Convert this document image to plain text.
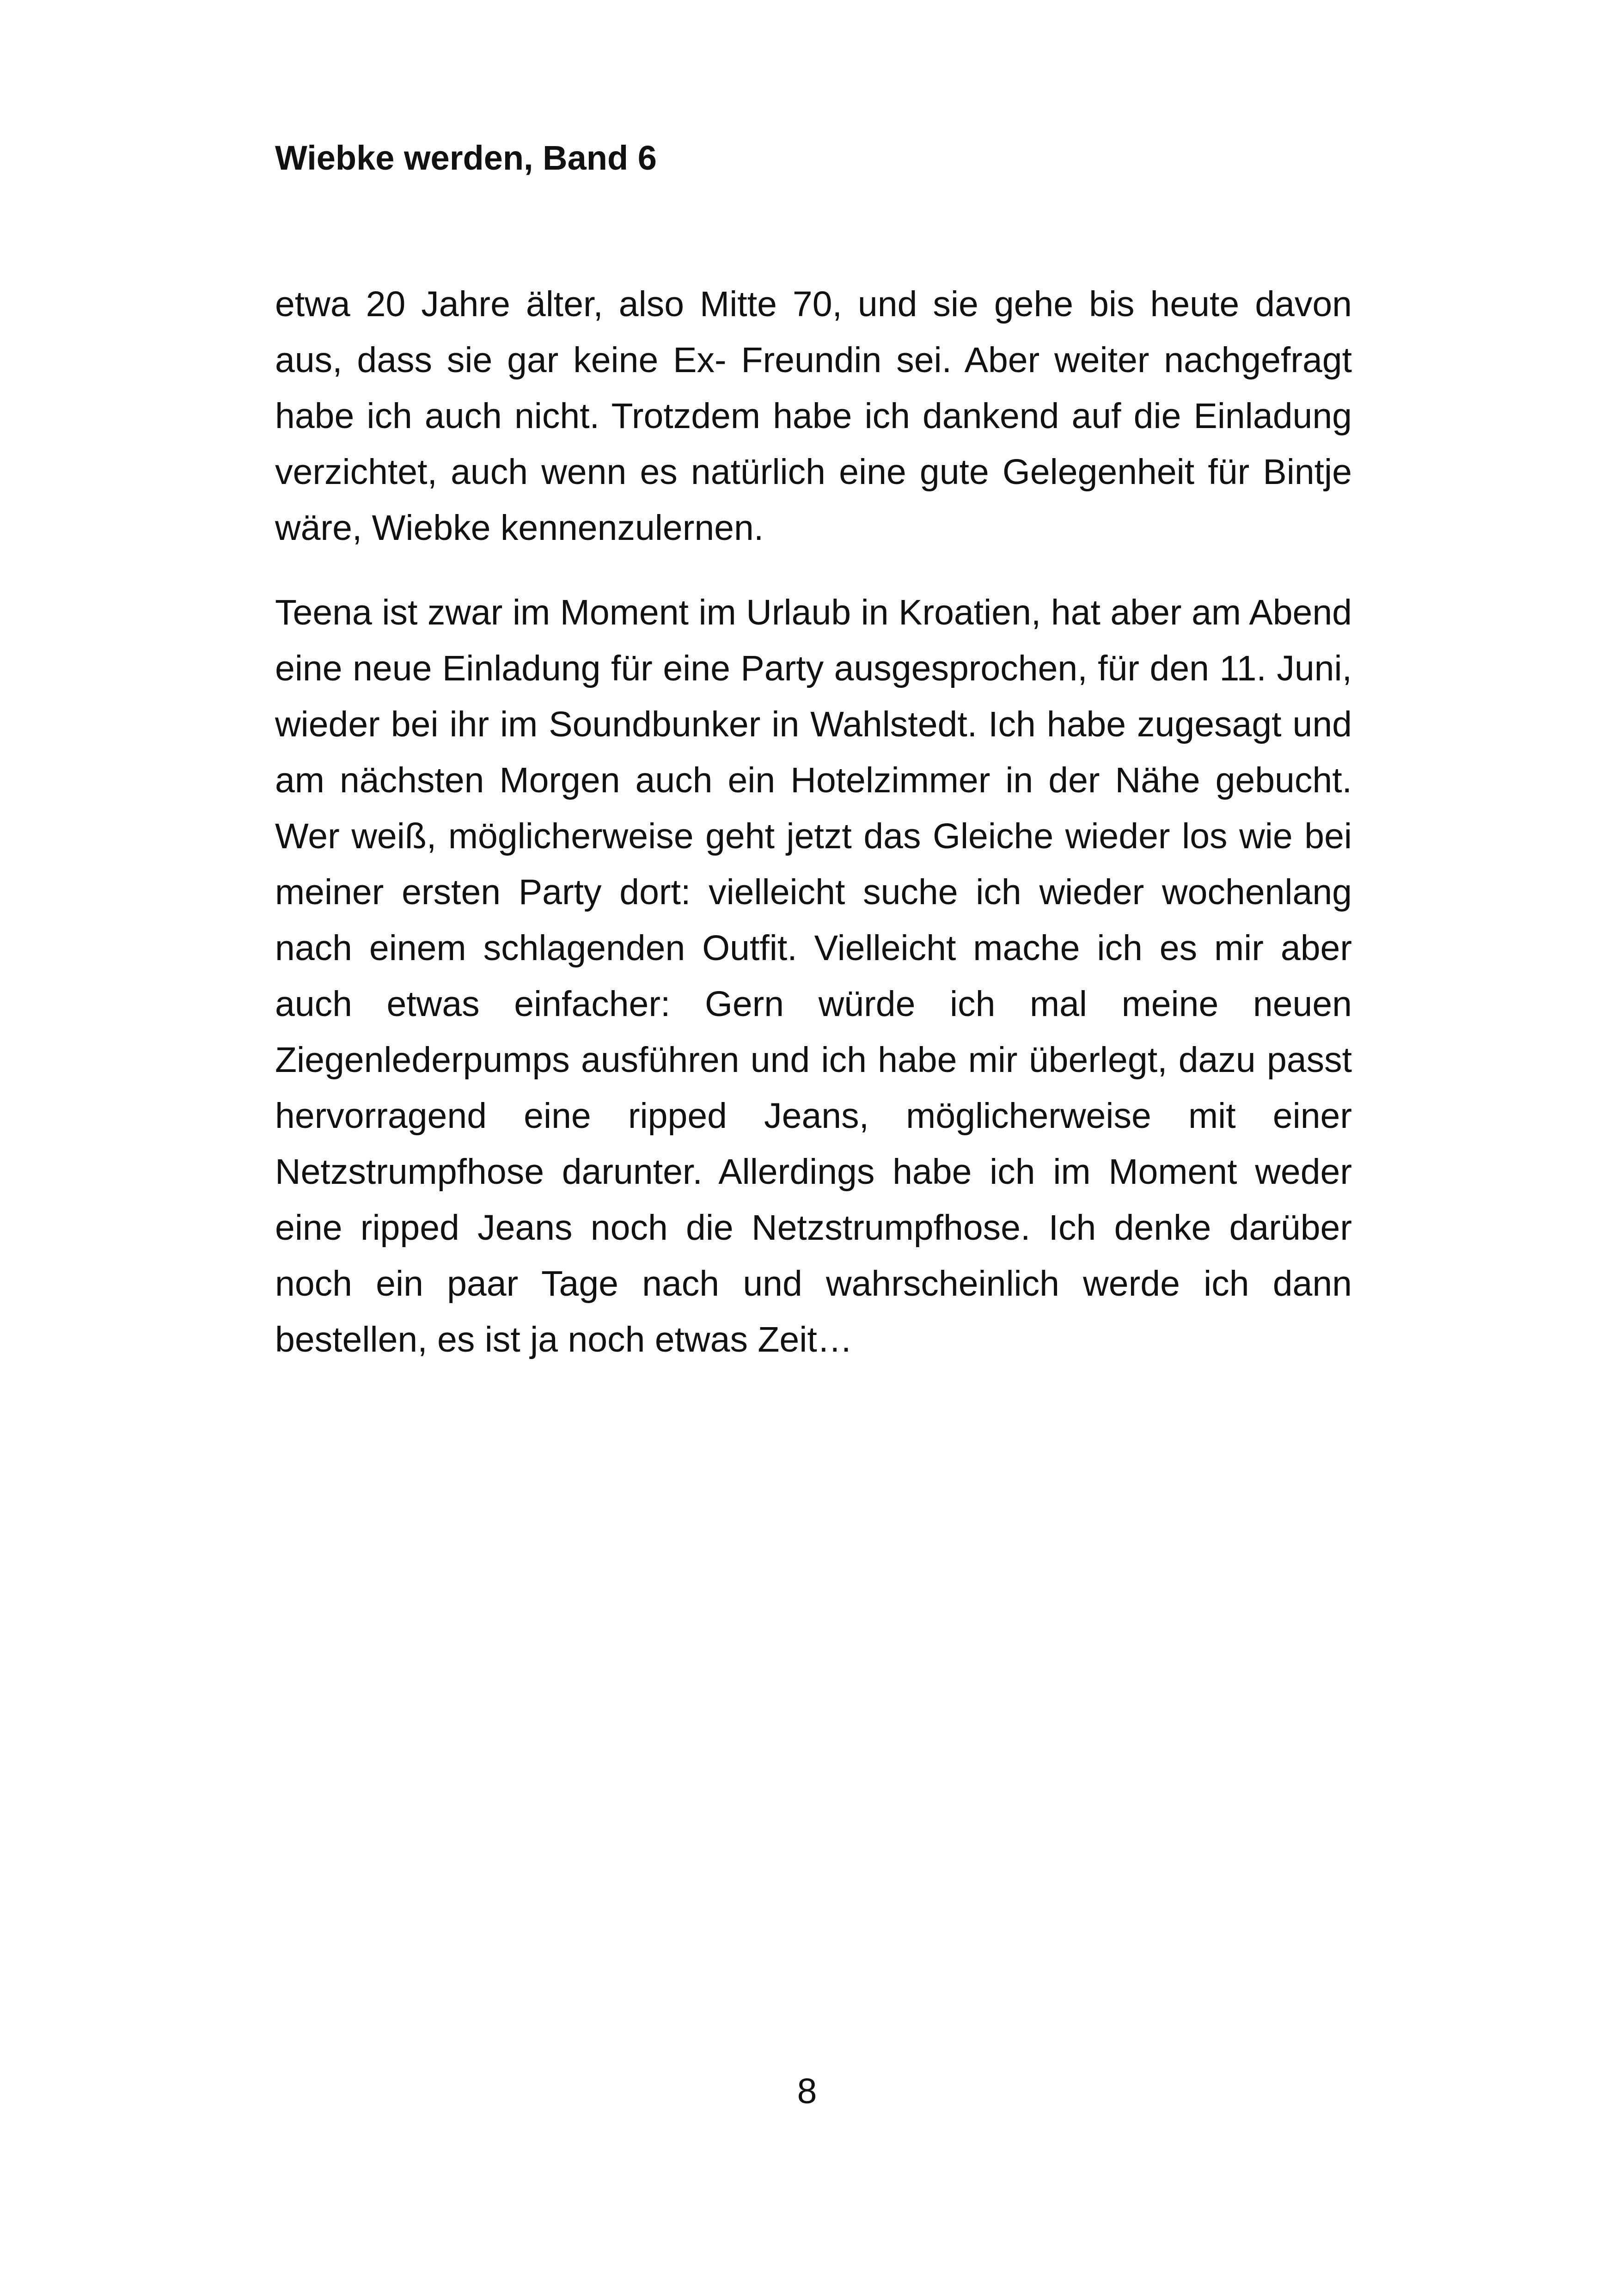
Wiebke werden, Band 6

etwa 20 Jahre älter, also Mitte 70, und sie gehe bis heute davon aus, dass sie gar keine Ex- Freundin sei. Aber weiter nachgefragt habe ich auch nicht. Trotzdem habe ich dankend auf die Einladung verzichtet, auch wenn es natürlich eine gute Gelegenheit für Bintje wäre, Wiebke kennenzulernen.

Teena ist zwar im Moment im Urlaub in Kroatien, hat aber am Abend eine neue Einladung für eine Party ausgesprochen, für den 11. Juni, wieder bei ihr im Soundbunker in Wahlstedt. Ich habe zugesagt und am nächsten Morgen auch ein Hotelzimmer in der Nähe gebucht. Wer weiß, möglicherweise geht jetzt das Gleiche wieder los wie bei meiner ersten Party dort: vielleicht suche ich wieder wochenlang nach einem schlagenden Outfit. Vielleicht mache ich es mir aber auch etwas einfacher: Gern würde ich mal meine neuen Ziegenlederpumps ausführen und ich habe mir überlegt, dazu passt hervorragend eine ripped Jeans, möglicherweise mit einer Netzstrumpfhose darunter. Allerdings habe ich im Moment weder eine ripped Jeans noch die Netzstrumpfhose. Ich denke darüber noch ein paar Tage nach und wahrscheinlich werde ich dann bestellen, es ist ja noch etwas Zeit…

8
